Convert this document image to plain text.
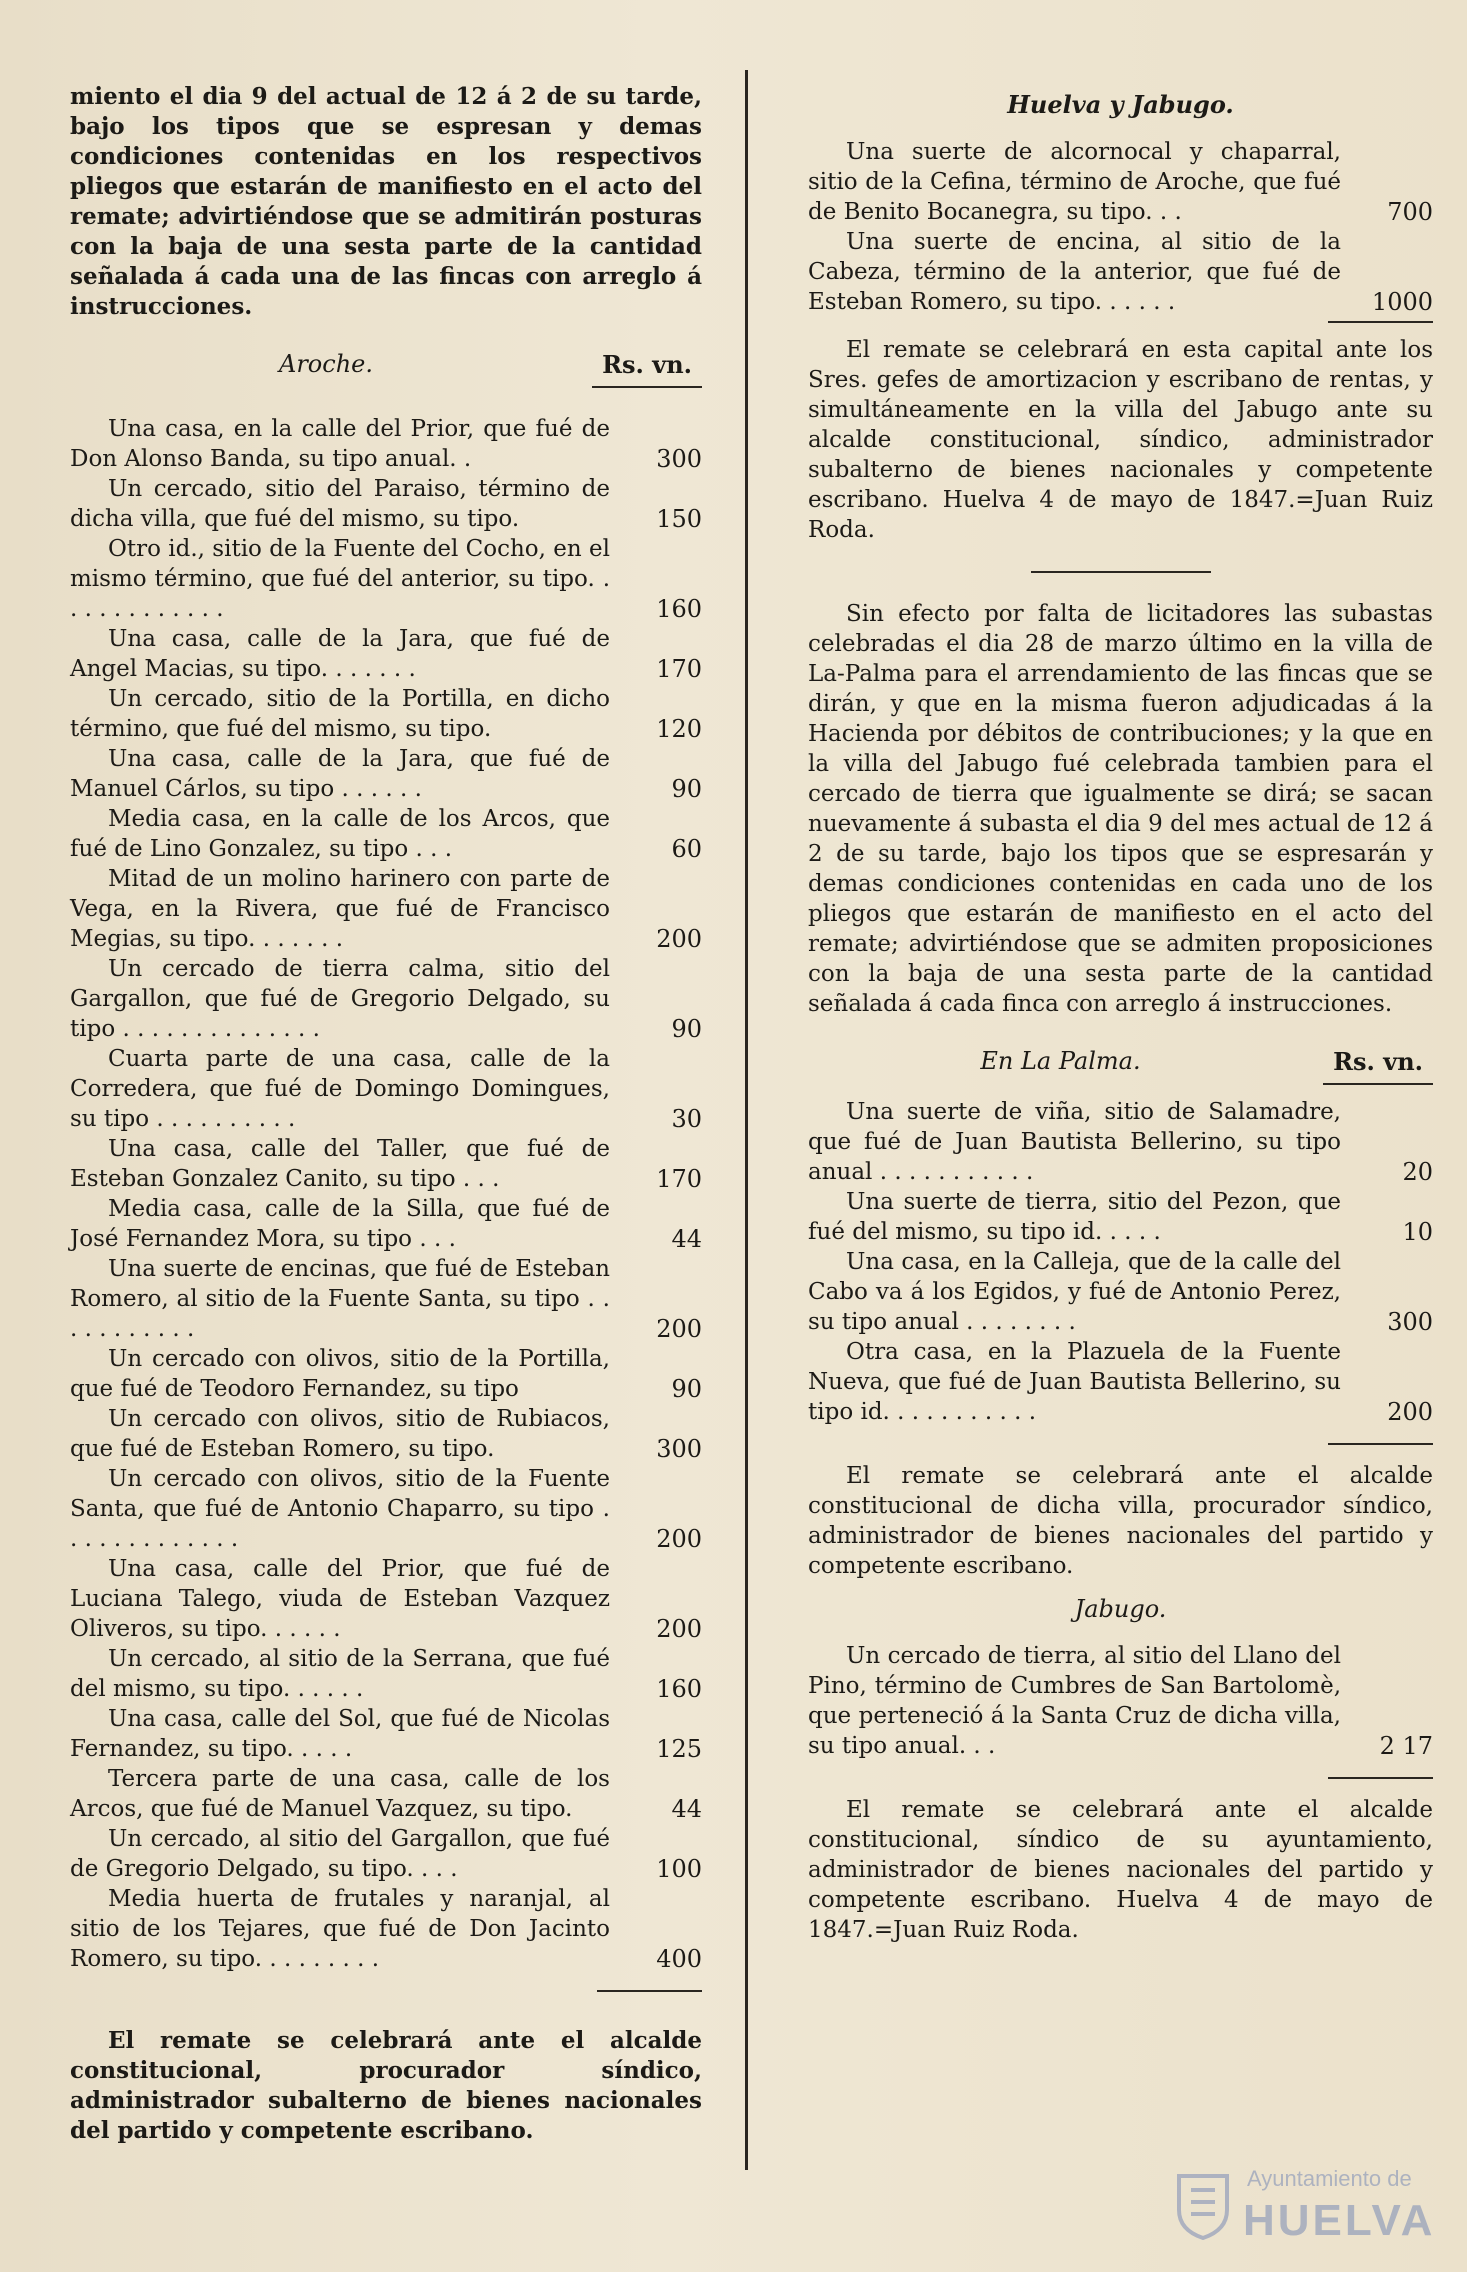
miento el dia 9 del actual de 12 á 2 de su tarde, bajo los tipos que se espresan y demas condiciones contenidas en los respectivos pliegos que estarán de manifiesto en el acto del remate; advirtiéndose que se admitirán posturas con la baja de una sesta parte de la cantidad señalada á cada una de las fincas con arreglo á instrucciones.

Aroche.	Rs. vn.
Una casa, en la calle del Prior, que fué de Don Alonso Banda, su tipo anual. .	300
Un cercado, sitio del Paraiso, término de dicha villa, que fué del mismo, su tipo.	150
Otro id., sitio de la Fuente del Cocho, en el mismo término, que fué del anterior, su tipo. . . . . . . . . . . . .	160
Una casa, calle de la Jara, que fué de Angel Macias, su tipo. . . . . . .	170
Un cercado, sitio de la Portilla, en dicho término, que fué del mismo, su tipo.	120
Una casa, calle de la Jara, que fué de Manuel Cárlos, su tipo . . . . . .	90
Media casa, en la calle de los Arcos, que fué de Lino Gonzalez, su tipo . . .	60
Mitad de un molino harinero con parte de Vega, en la Rivera, que fué de Francisco Megias, su tipo. . . . . . .	200
Un cercado de tierra calma, sitio del Gargallon, que fué de Gregorio Delgado, su tipo . . . . . . . . . . . . . .	90
Cuarta parte de una casa, calle de la Corredera, que fué de Domingo Domingues, su tipo . . . . . . . . . .	30
Una casa, calle del Taller, que fué de Esteban Gonzalez Canito, su tipo . . .	170
Media casa, calle de la Silla, que fué de José Fernandez Mora, su tipo . . .	44
Una suerte de encinas, que fué de Esteban Romero, al sitio de la Fuente Santa, su tipo . . . . . . . . . . .	200
Un cercado con olivos, sitio de la Portilla, que fué de Teodoro Fernandez, su tipo	90
Un cercado con olivos, sitio de Rubiacos, que fué de Esteban Romero, su tipo.	300
Un cercado con olivos, sitio de la Fuente Santa, que fué de Antonio Chaparro, su tipo . . . . . . . . . . . . .	200
Una casa, calle del Prior, que fué de Luciana Talego, viuda de Esteban Vazquez Oliveros, su tipo. . . . . .	200
Un cercado, al sitio de la Serrana, que fué del mismo, su tipo. . . . . .	160
Una casa, calle del Sol, que fué de Nicolas Fernandez, su tipo. . . . .	125
Tercera parte de una casa, calle de los Arcos, que fué de Manuel Vazquez, su tipo.	44
Un cercado, al sitio del Gargallon, que fué de Gregorio Delgado, su tipo. . . .	100
Media huerta de frutales y naranjal, al sitio de los Tejares, que fué de Don Jacinto Romero, su tipo. . . . . . . . .	400

El remate se celebrará ante el alcalde constitucional, procurador síndico, administrador subalterno de bienes nacionales del partido y competente escribano.

Huelva y Jabugo.
Una suerte de alcornocal y chaparral, sitio de la Cefina, término de Aroche, que fué de Benito Bocanegra, su tipo. . .	700
Una suerte de encina, al sitio de la Cabeza, término de la anterior, que fué de Esteban Romero, su tipo. . . . . .	1000

El remate se celebrará en esta capital ante los Sres. gefes de amortizacion y escribano de rentas, y simultáneamente en la villa del Jabugo ante su alcalde constitucional, síndico, administrador subalterno de bienes nacionales y competente escribano. Huelva 4 de mayo de 1847.=Juan Ruiz Roda.

Sin efecto por falta de licitadores las subastas celebradas el dia 28 de marzo último en la villa de La-Palma para el arrendamiento de las fincas que se dirán, y que en la misma fueron adjudicadas á la Hacienda por débitos de contribuciones; y la que en la villa del Jabugo fué celebrada tambien para el cercado de tierra que igualmente se dirá; se sacan nuevamente á subasta el dia 9 del mes actual de 12 á 2 de su tarde, bajo los tipos que se espresarán y demas condiciones contenidas en cada uno de los pliegos que estarán de manifiesto en el acto del remate; advirtiéndose que se admiten proposiciones con la baja de una sesta parte de la cantidad señalada á cada finca con arreglo á instrucciones.

En La Palma.	Rs. vn.
Una suerte de viña, sitio de Salamadre, que fué de Juan Bautista Bellerino, su tipo anual . . . . . . . . . . .	20
Una suerte de tierra, sitio del Pezon, que fué del mismo, su tipo id. . . . .	10
Una casa, en la Calleja, que de la calle del Cabo va á los Egidos, y fué de Antonio Perez, su tipo anual . . . . . . . .	300
Otra casa, en la Plazuela de la Fuente Nueva, que fué de Juan Bautista Bellerino, su tipo id. . . . . . . . . . .	200

El remate se celebrará ante el alcalde constitucional de dicha villa, procurador síndico, administrador de bienes nacionales del partido y competente escribano.

Jabugo.
Un cercado de tierra, al sitio del Llano del Pino, término de Cumbres de San Bartolomè, que perteneció á la Santa Cruz de dicha villa, su tipo anual. . .	2 17

El remate se celebrará ante el alcalde constitucional, síndico de su ayuntamiento, administrador de bienes nacionales del partido y competente escribano. Huelva 4 de mayo de 1847.=Juan Ruiz Roda.

Ayuntamiento de
HUELVA
